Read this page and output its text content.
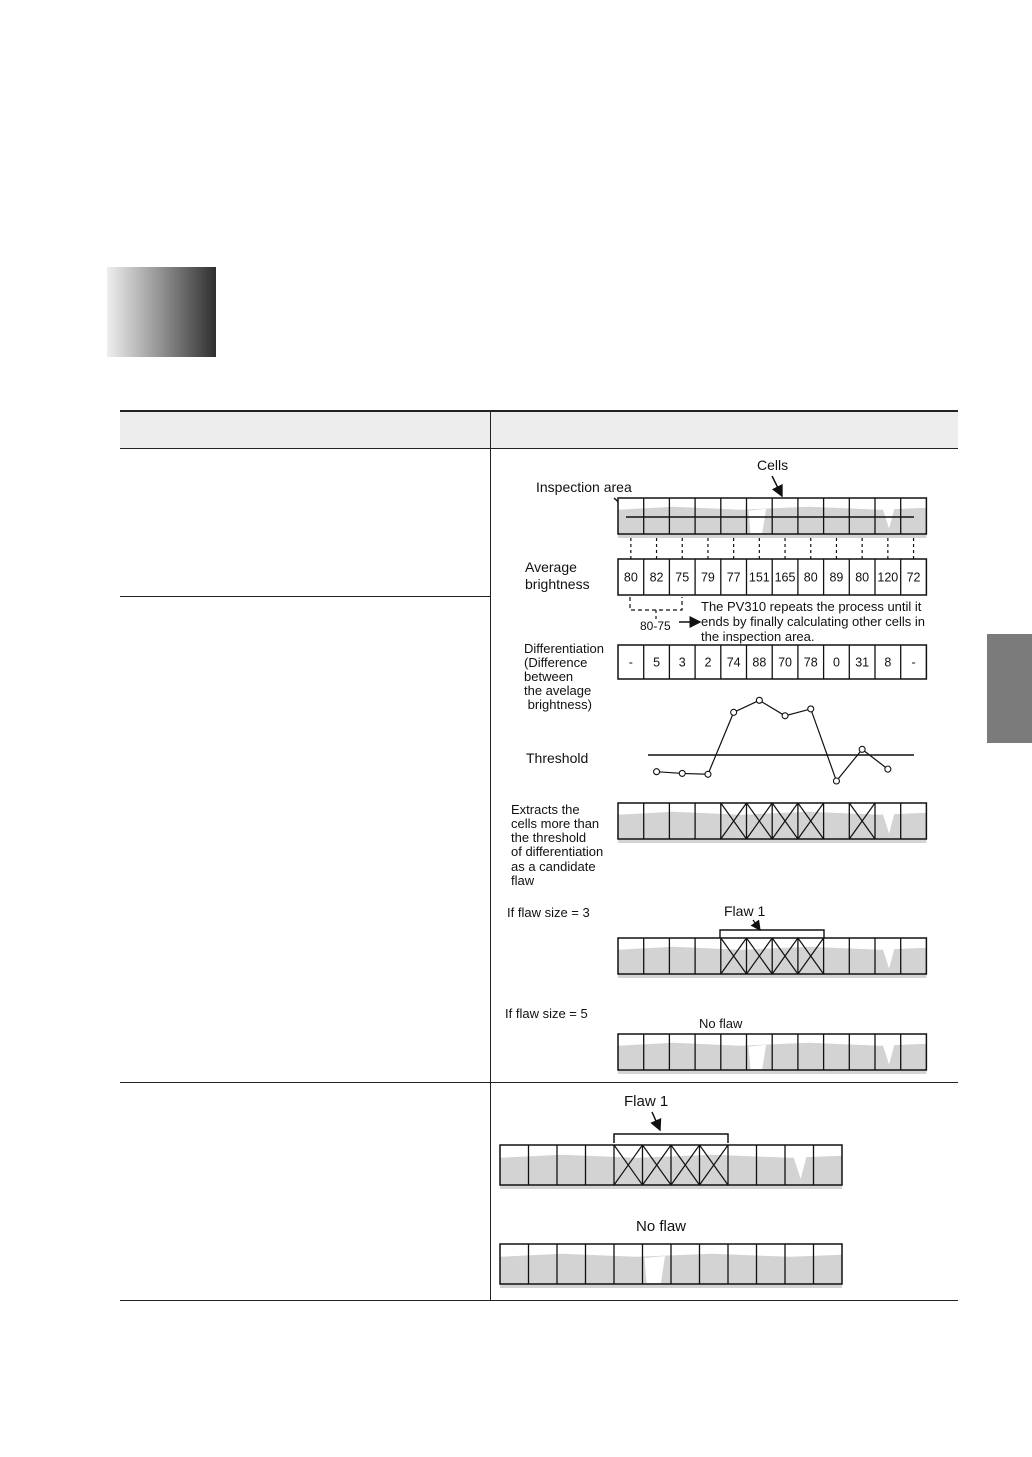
Cells
Inspection area
Average
brightness	80 82 75 79 77 151 165 80 89 80 120 72
80-75
The PV310 repeats the process until it
ends by finally calculating other cells in
the inspection area.
Differentiation
(Difference
between
the avelage
brightness)
- 5 3 2 74 88 70 78 0 31 8 -
Threshold
Extracts the
cells more than
the threshold
of differentiation
as a candidate
flaw
If flaw size = 3	Flaw 1
If flaw size = 5
No flaw
Flaw 1
No flaw
